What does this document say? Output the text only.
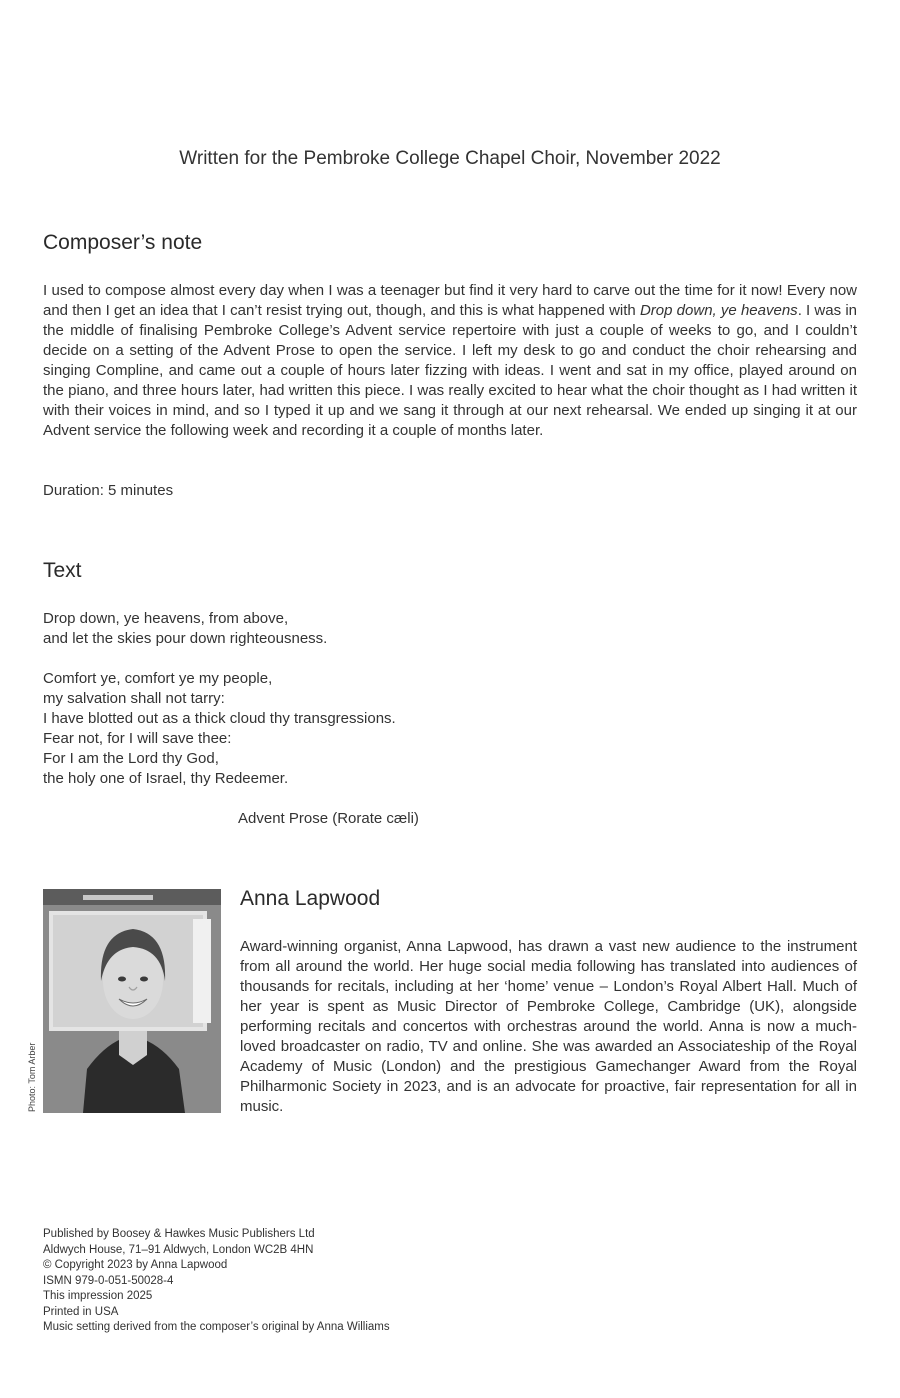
Written for the Pembroke College Chapel Choir, November 2022
Composer’s note

I used to compose almost every day when I was a teenager but find it very hard to carve out the time for it now! Every now and then I get an idea that I can’t resist trying out, though, and this is what happened with Drop down, ye heavens. I was in the middle of finalising Pembroke College’s Advent service repertoire with just a couple of weeks to go, and I couldn’t decide on a setting of the Advent Prose to open the service. I left my desk to go and conduct the choir rehearsing and singing Compline, and came out a couple of hours later fizzing with ideas. I went and sat in my office, played around on the piano, and three hours later, had written this piece. I was really excited to hear what the choir thought as I had written it with their voices in mind, and so I typed it up and we sang it through at our next rehearsal. We ended up singing it at our Advent service the following week and recording it a couple of months later.

Duration: 5 minutes
Text
Drop down, ye heavens, from above,
and let the skies pour down righteousness.
Comfort ye, comfort ye my people,
my salvation shall not tarry:
I have blotted out as a thick cloud thy transgressions.
Fear not, for I will save thee:
For I am the Lord thy God,
the holy one of Israel, thy Redeemer.
Advent Prose (Rorate cæli)
Photo: Tom Arber
Anna Lapwood

Award-winning organist, Anna Lapwood, has drawn a vast new audience to the instrument from all around the world. Her huge social media following has translated into audiences of thousands for recitals, including at her ‘home’ venue – London’s Royal Albert Hall. Much of her year is spent as Music Director of Pembroke College, Cambridge (UK), alongside performing recitals and concertos with orchestras around the world. Anna is now a much-loved broadcaster on radio, TV and online. She was awarded an Associateship of the Royal Academy of Music (London) and the prestigious Gamechanger Award from the Royal Philharmonic Society in 2023, and is an advocate for proactive, fair representation for all in music.

Published by Boosey & Hawkes Music Publishers Ltd
Aldwych House, 71–91 Aldwych, London WC2B 4HN
© Copyright 2023 by Anna Lapwood
ISMN 979-0-051-50028-4
This impression 2025
Printed in USA
Music setting derived from the composer’s original by Anna Williams
